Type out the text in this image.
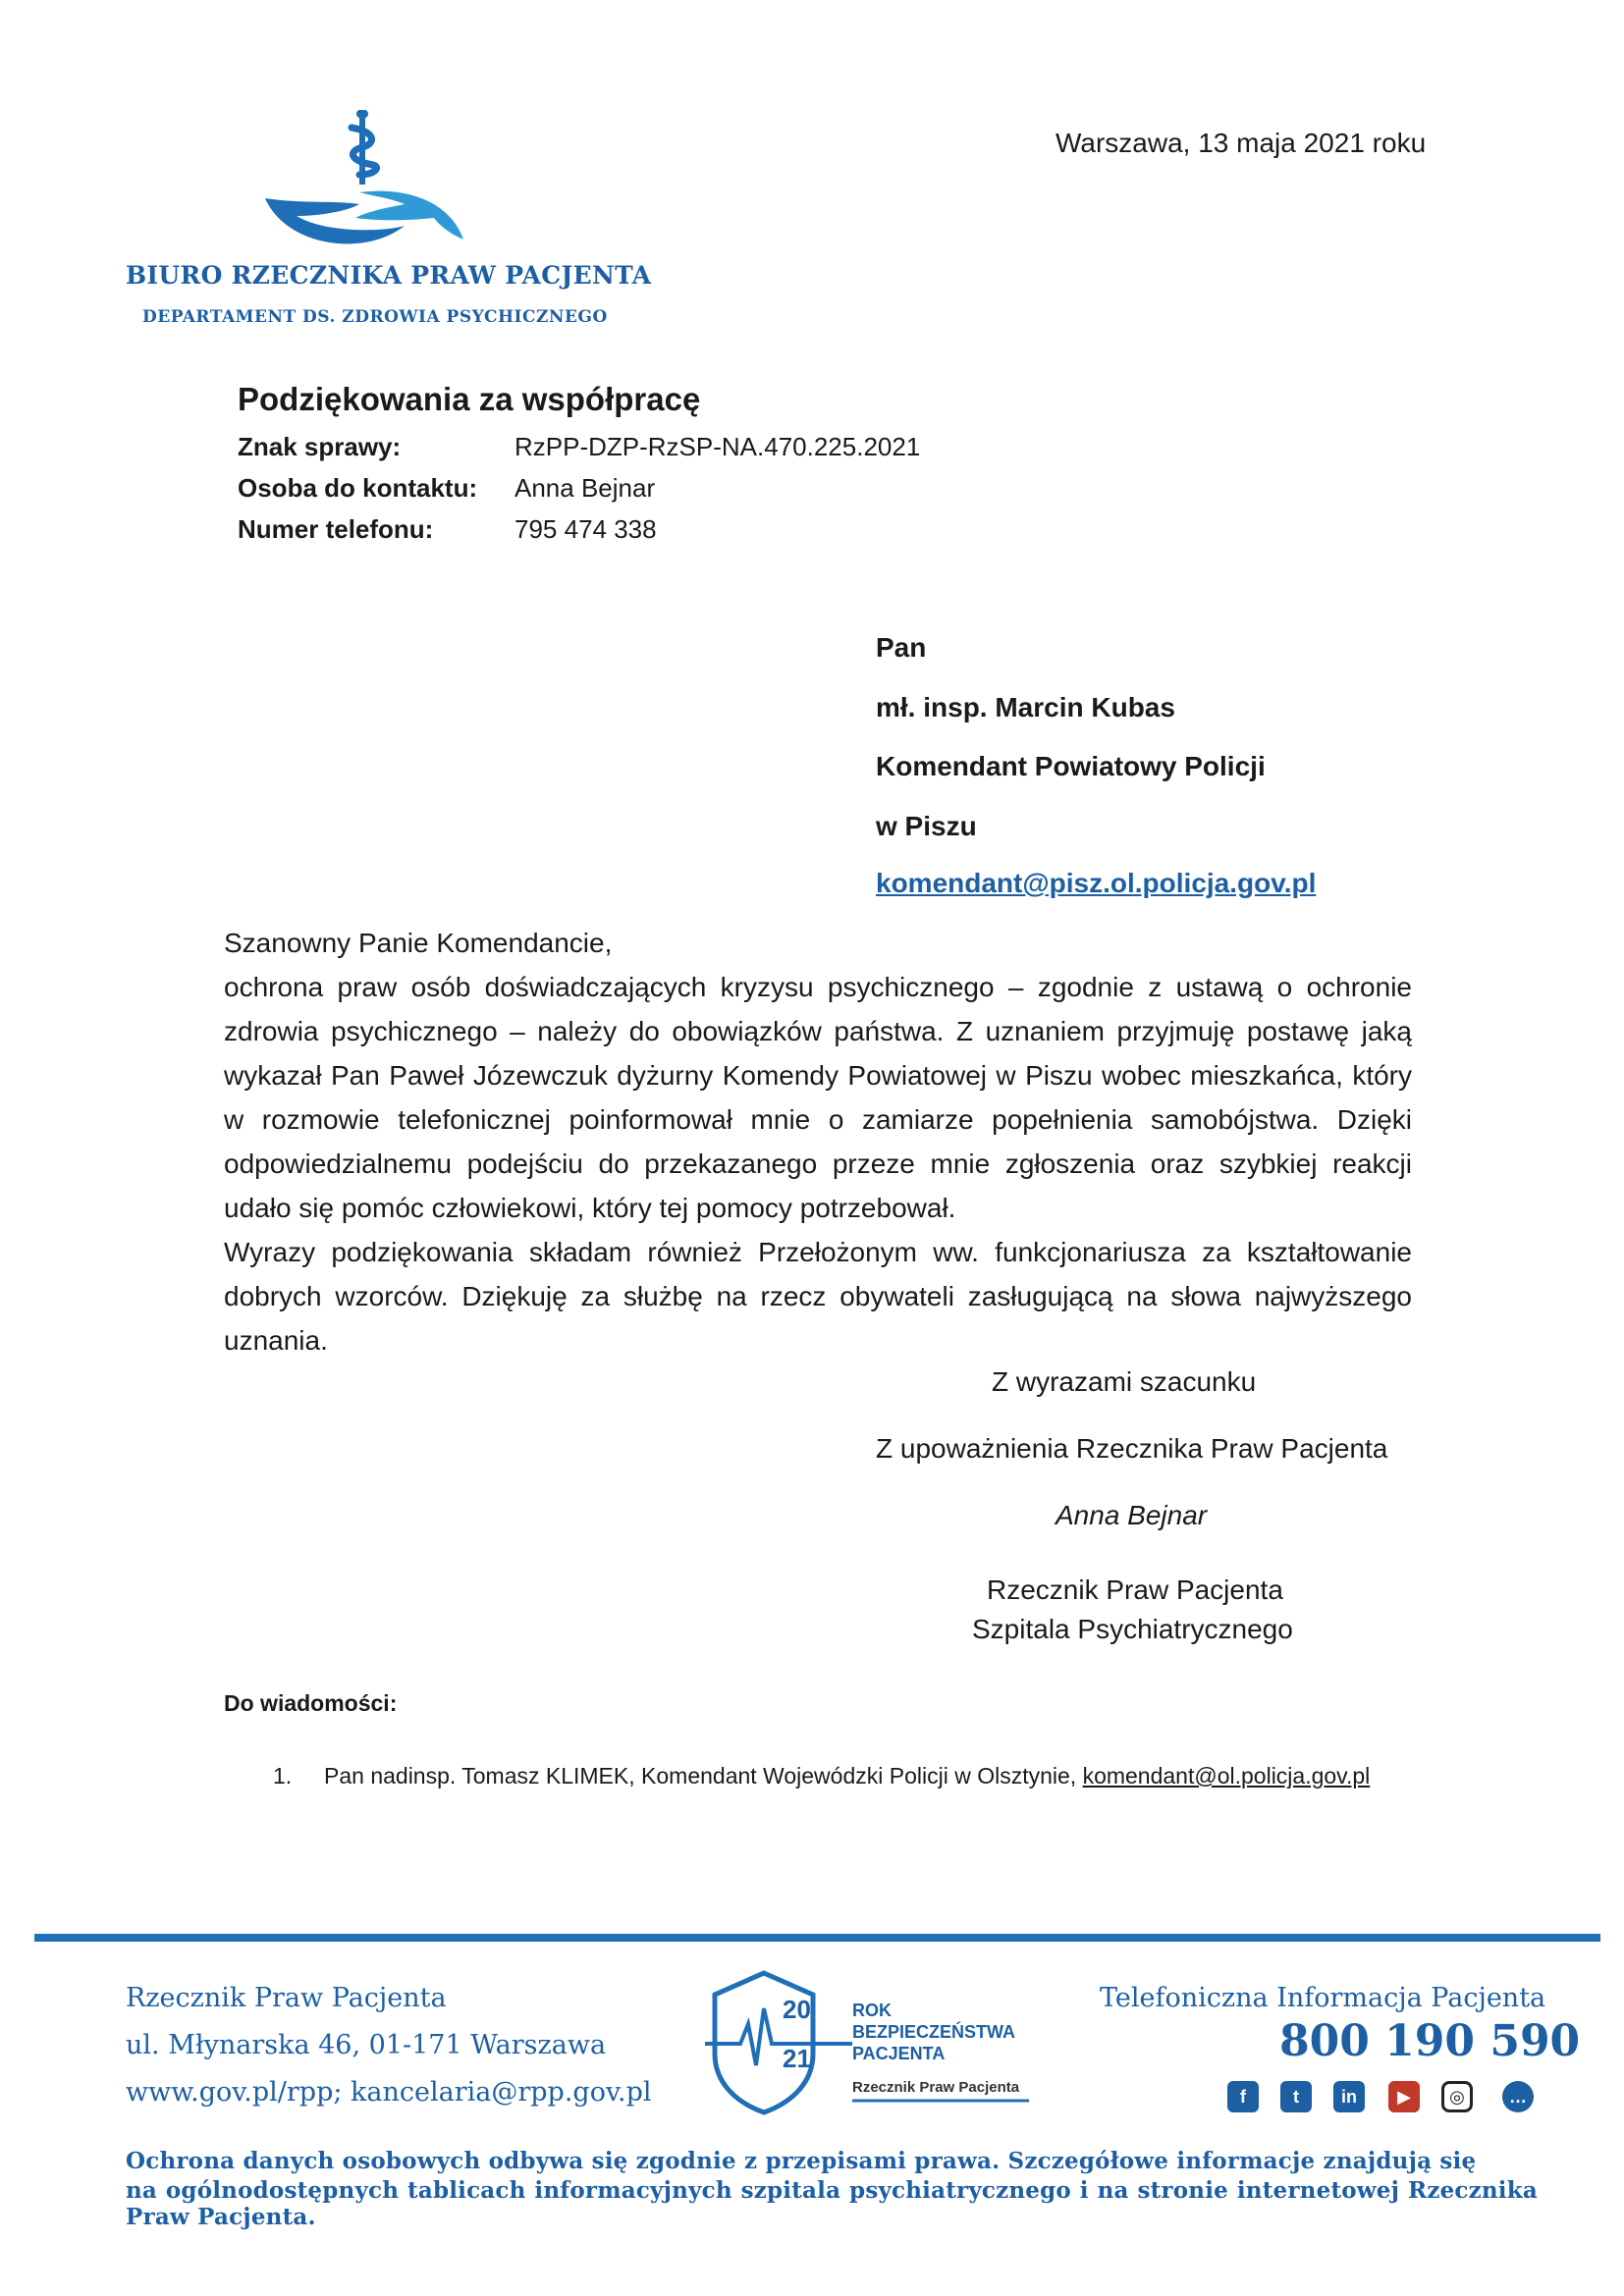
Warszawa, 13 maja 2021 roku
BIURO RZECZNIKA PRAW PACJENTA
DEPARTAMENT DS. ZDROWIA PSYCHICZNEGO
Podziękowania za współpracę
Znak sprawy:	RzPP-DZP-RzSP-NA.470.225.2021
Osoba do kontaktu: Anna Bejnar
Numer telefonu:	795 474 338
Pan
mł. insp. Marcin Kubas
Komendant Powiatowy Policji
w Piszu
komendant@pisz.ol.policja.gov.pl

Szanowny Panie Komendancie,

ochrona praw osób doświadczających kryzysu psychicznego – zgodnie z ustawą o ochronie zdrowia psychicznego – należy do obowiązków państwa. Z uznaniem przyjmuję postawę jaką wykazał Pan Paweł Józewczuk dyżurny Komendy Powiatowej w Piszu wobec mieszkańca, który w rozmowie telefonicznej poinformował mnie o zamiarze popełnienia samobójstwa. Dzięki odpowiedzialnemu podejściu do przekazanego przeze mnie zgłoszenia oraz szybkiej reakcji udało się pomóc człowiekowi, który tej pomocy potrzebował.

Wyrazy podziękowania składam również Przełożonym ww. funkcjonariusza za kształtowanie dobrych wzorców. Dziękuję za służbę na rzecz obywateli zasługującą na słowa najwyższego uznania.

Z wyrazami szacunku
Z upoważnienia Rzecznika Praw Pacjenta
Anna Bejnar
Rzecznik Praw Pacjenta
Szpitala Psychiatrycznego
Do wiadomości:
1. Pan nadinsp. Tomasz KLIMEK, Komendant Wojewódzki Policji w Olsztynie, komendant@ol.policja.gov.pl
Rzecznik Praw Pacjenta
ul. Młynarska 46, 01-171 Warszawa
www.gov.pl/rpp; kancelaria@rpp.gov.pl
20
21
ROK
BEZPIECZEŃSTWA
PACJENTA
Rzecznik Praw Pacjenta
Telefoniczna Informacja Pacjenta
800 190 590
f	t	in	▶	◎	…
Ochrona danych osobowych odbywa się zgodnie z przepisami prawa. Szczegółowe informacje znajdują się
na ogólnodostępnych tablicach informacyjnych szpitala psychiatrycznego i na stronie internetowej Rzecznika Praw Pacjenta.
